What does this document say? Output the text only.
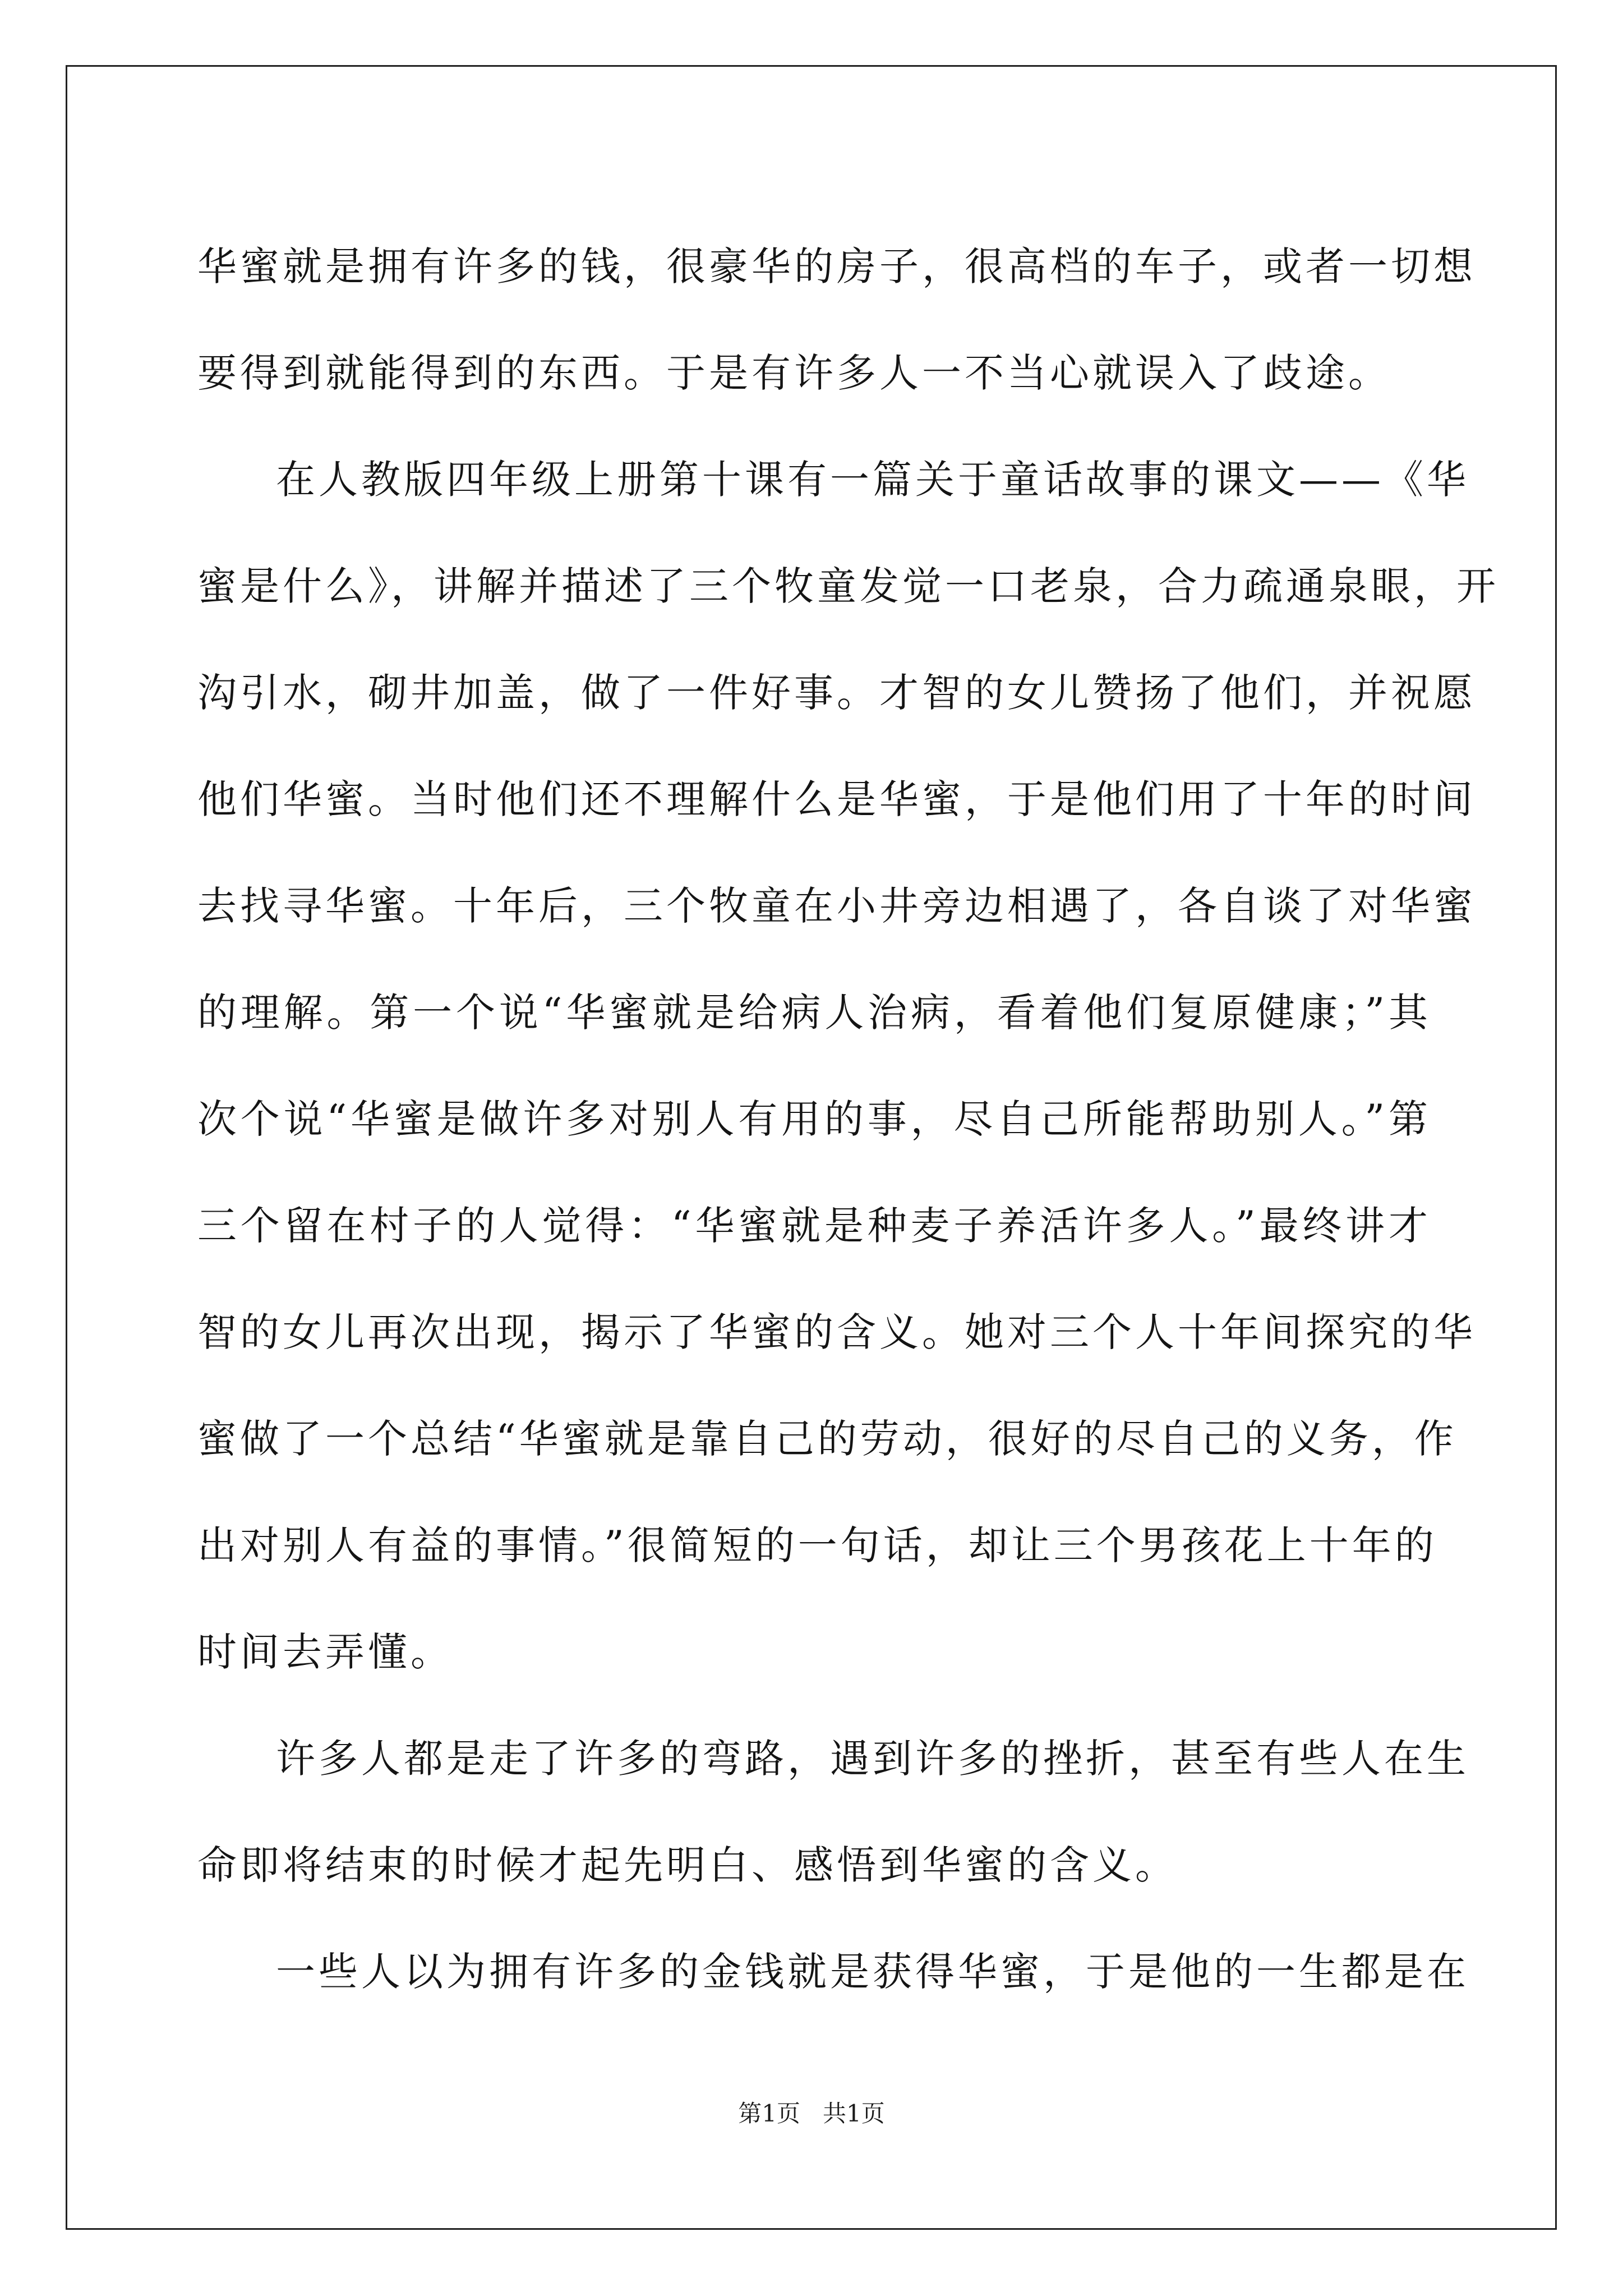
华蜜就是拥有许多的钱，很豪华的房子，很高档的车子，或者一切想
要得到就能得到的东西。于是有许多人一不当心就误入了歧途。
在人教版四年级上册第十课有一篇关于童话故事的课文——《华
蜜是什么》，讲解并描述了三个牧童发觉一口老泉，合力疏通泉眼，开
沟引水，砌井加盖，做了一件好事。才智的女儿赞扬了他们，并祝愿
他们华蜜。当时他们还不理解什么是华蜜，于是他们用了十年的时间
去找寻华蜜。十年后，三个牧童在小井旁边相遇了，各自谈了对华蜜
的理解。第一个说“华蜜就是给病人治病，看着他们复原健康；”其
次个说“华蜜是做许多对别人有用的事，尽自己所能帮助别人。”第
三个留在村子的人觉得：“华蜜就是种麦子养活许多人。”最终讲才
智的女儿再次出现，揭示了华蜜的含义。她对三个人十年间探究的华
蜜做了一个总结“华蜜就是靠自己的劳动，很好的尽自己的义务，作
出对别人有益的事情。”很简短的一句话，却让三个男孩花上十年的
时间去弄懂。
许多人都是走了许多的弯路，遇到许多的挫折，甚至有些人在生
命即将结束的时候才起先明白、感悟到华蜜的含义。
一些人以为拥有许多的金钱就是获得华蜜，于是他的一生都是在
第1页 共1页
